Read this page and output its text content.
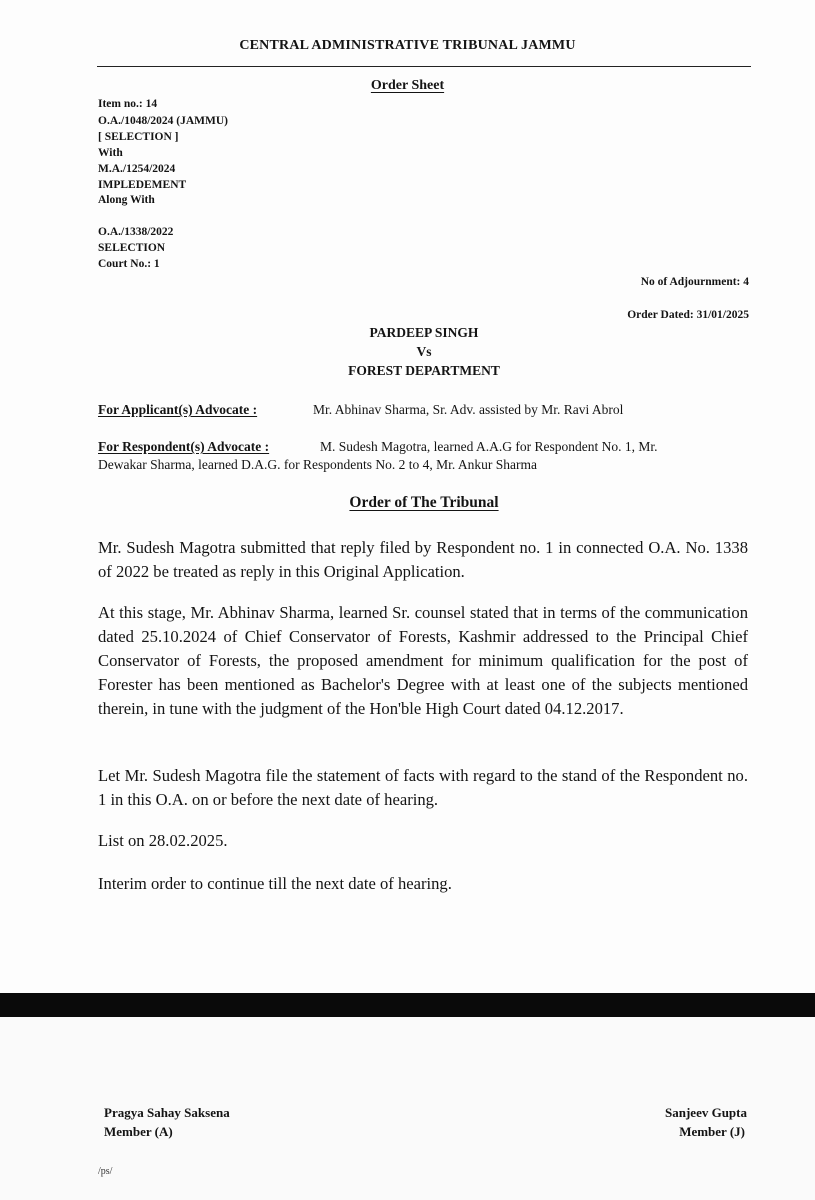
CENTRAL ADMINISTRATIVE TRIBUNAL JAMMU
Order Sheet
Item no.: 14
O.A./1048/2024 (JAMMU)
[ SELECTION ]
With
M.A./1254/2024
IMPLEDEMENT
Along With
O.A./1338/2022
SELECTION
Court No.: 1
No of Adjournment: 4
Order Dated: 31/01/2025
PARDEEP SINGH
Vs
FOREST DEPARTMENT
For Applicant(s) Advocate :	Mr. Abhinav Sharma, Sr. Adv. assisted by Mr. Ravi Abrol
For Respondent(s) Advocate :	M. Sudesh Magotra, learned A.A.G for Respondent No. 1, Mr.
Dewakar Sharma, learned D.A.G. for Respondents No. 2 to 4, Mr. Ankur Sharma
Order of The Tribunal
Mr. Sudesh Magotra submitted that reply filed by Respondent no. 1 in connected O.A. No. 1338 of 2022 be treated as reply in this Original Application.
At this stage, Mr. Abhinav Sharma, learned Sr. counsel stated that in terms of the communication dated 25.10.2024 of Chief Conservator of Forests, Kashmir addressed to the Principal Chief Conservator of Forests, the proposed amendment for minimum qualification for the post of Forester has been mentioned as Bachelor's Degree with at least one of the subjects mentioned therein, in tune with the judgment of the Hon'ble High Court dated 04.12.2017.
Let Mr. Sudesh Magotra file the statement of facts with regard to the stand of the Respondent no. 1 in this O.A. on or before the next date of hearing.
List on 28.02.2025.
Interim order to continue till the next date of hearing.
Pragya Sahay Saksena
Member (A)
Sanjeev Gupta
Member (J)
/ps/
